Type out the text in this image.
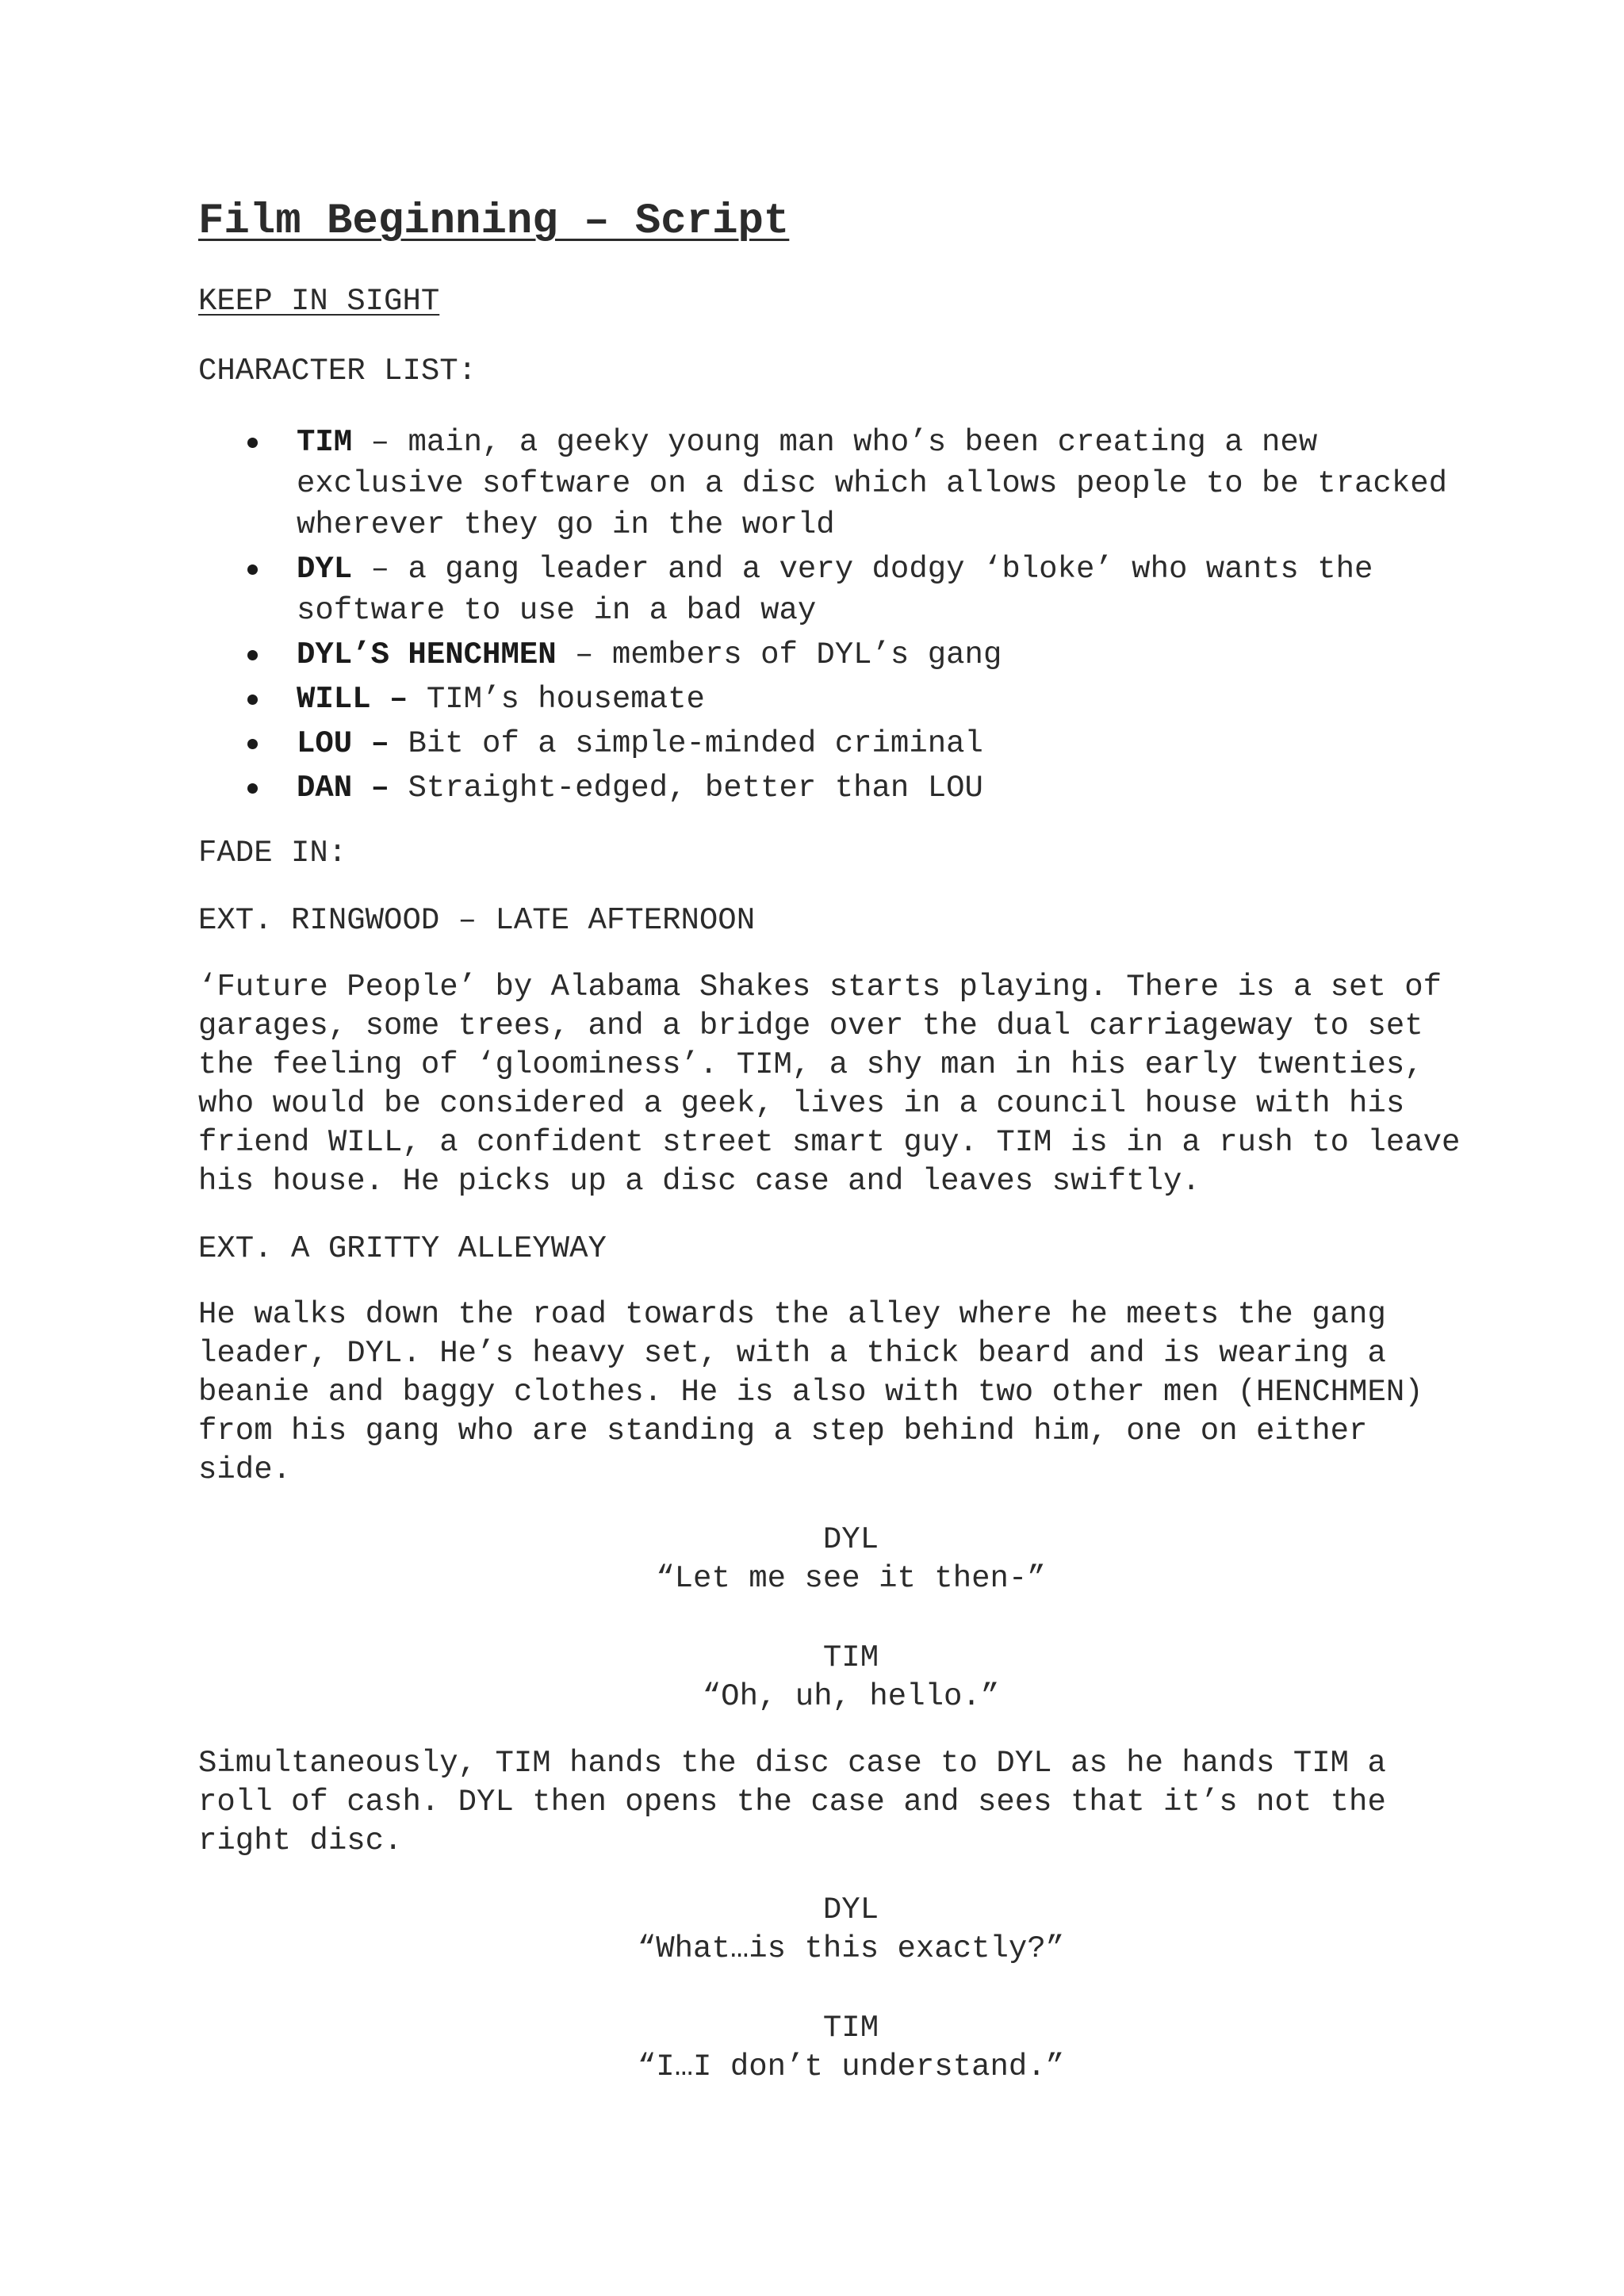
Film Beginning – Script
KEEP IN SIGHT
CHARACTER LIST:
TIM – main, a geeky young man who’s been creating a new
exclusive software on a disc which allows people to be tracked
wherever they go in the world
DYL – a gang leader and a very dodgy ‘bloke’ who wants the
software to use in a bad way
DYL’S HENCHMEN – members of DYL’s gang
WILL – TIM’s housemate
LOU – Bit of a simple-minded criminal
DAN – Straight-edged, better than LOU
FADE IN:
EXT. RINGWOOD – LATE AFTERNOON
‘Future People’ by Alabama Shakes starts playing. There is a set of
garages, some trees, and a bridge over the dual carriageway to set
the feeling of ‘gloominess’. TIM, a shy man in his early twenties,
who would be considered a geek, lives in a council house with his
friend WILL, a confident street smart guy. TIM is in a rush to leave
his house. He picks up a disc case and leaves swiftly.
EXT. A GRITTY ALLEYWAY
He walks down the road towards the alley where he meets the gang
leader, DYL. He’s heavy set, with a thick beard and is wearing a
beanie and baggy clothes. He is also with two other men (HENCHMEN)
from his gang who are standing a step behind him, one on either
side.
DYL
“Let me see it then-”
TIM
“Oh, uh, hello.”
Simultaneously, TIM hands the disc case to DYL as he hands TIM a
roll of cash. DYL then opens the case and sees that it’s not the
right disc.
DYL
“What…is this exactly?”
TIM
“I…I don’t understand.”
